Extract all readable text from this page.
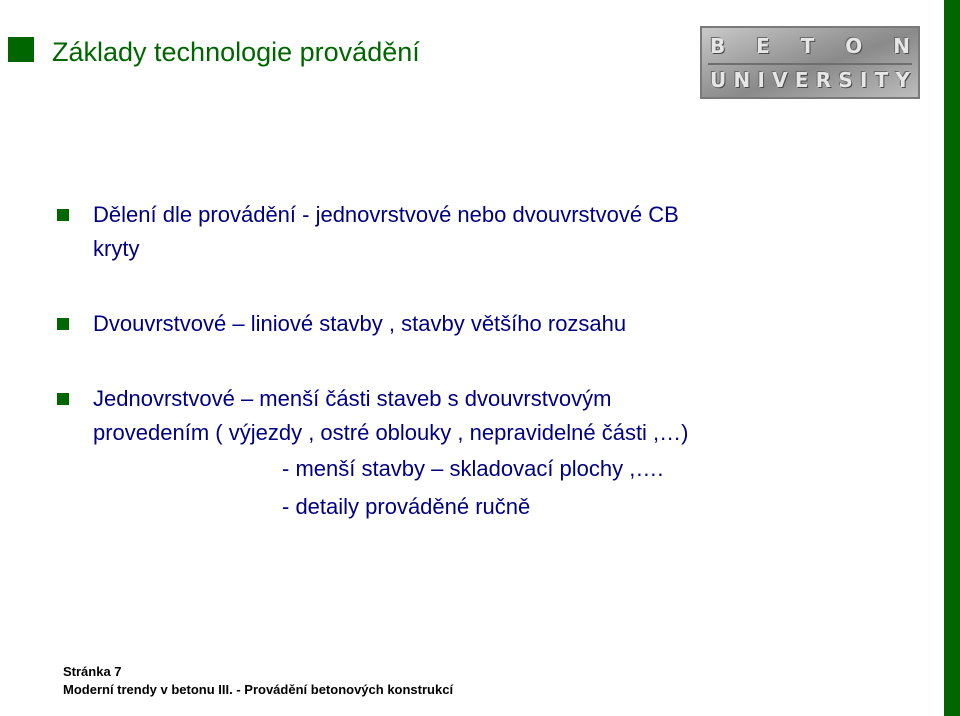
Základy technologie provádění	B E T O N
U N I V E R S I T Y
Dělení dle provádění - jednovrstvové nebo dvouvrstvové CB
kryty
Dvouvrstvové – liniové stavby , stavby většího rozsahu
Jednovrstvové – menší části staveb s dvouvrstvovým
provedením ( výjezdy , ostré oblouky , nepravidelné části ,…)
- menší stavby – skladovací plochy ,….
- detaily prováděné ručně
Stránka 7
Moderní trendy v betonu III. - Provádění betonových konstrukcí
